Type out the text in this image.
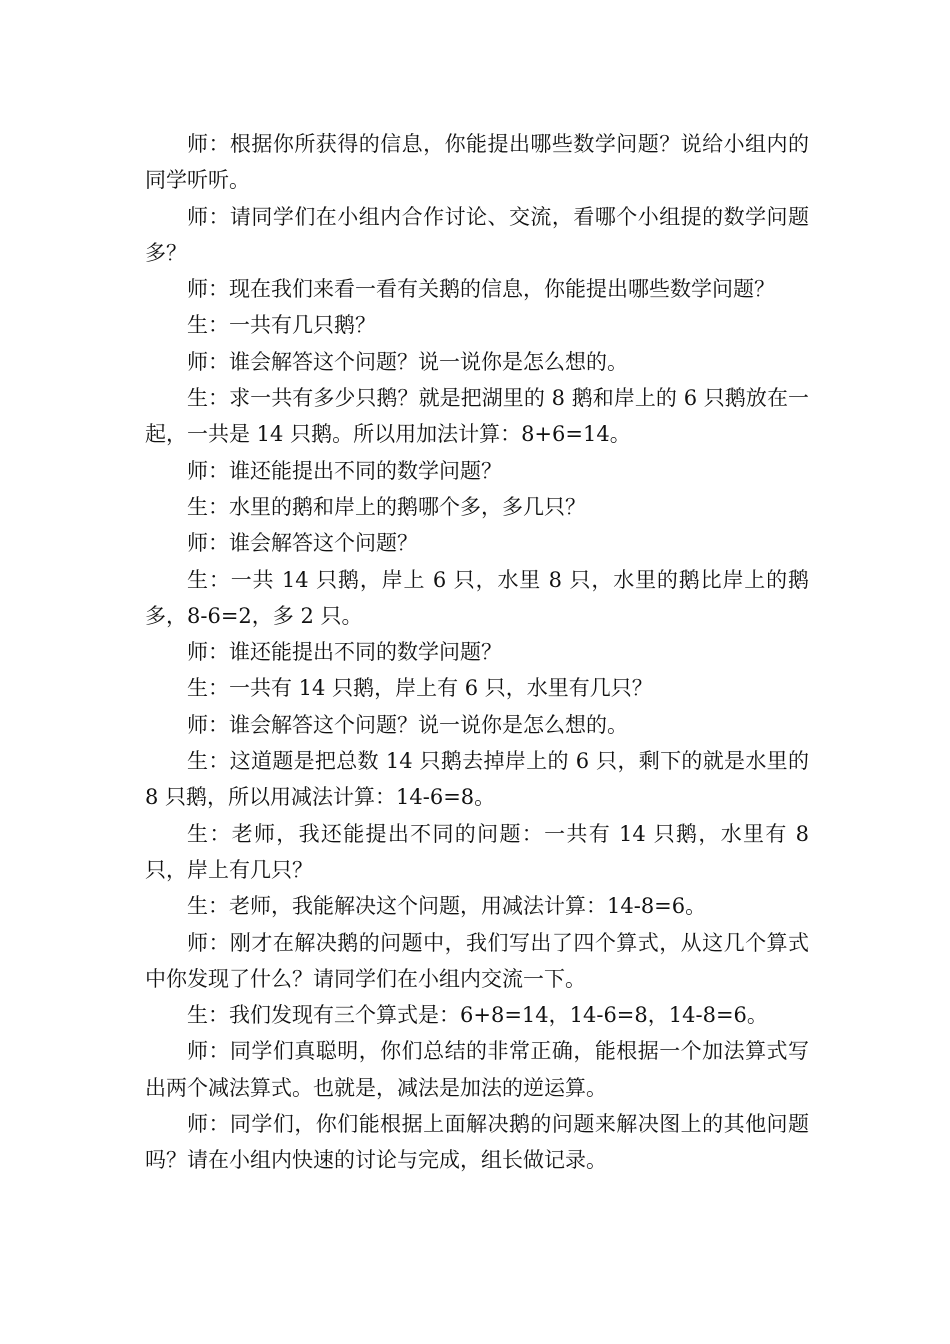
师：根据你所获得的信息，你能提出哪些数学问题？说给小组内的同学听听。

师：请同学们在小组内合作讨论、交流，看哪个小组提的数学问题多？

师：现在我们来看一看有关鹅的信息，你能提出哪些数学问题？

生：一共有几只鹅？

师：谁会解答这个问题？说一说你是怎么想的。

生：求一共有多少只鹅？就是把湖里的 8 鹅和岸上的 6 只鹅放在一起，一共是 14 只鹅。所以用加法计算：8+6=14。

师：谁还能提出不同的数学问题？

生：水里的鹅和岸上的鹅哪个多，多几只？

师：谁会解答这个问题？

生：一共 14 只鹅，岸上 6 只，水里 8 只，水里的鹅比岸上的鹅多，8-6=2，多 2 只。

师：谁还能提出不同的数学问题？

生：一共有 14 只鹅，岸上有 6 只，水里有几只？

师：谁会解答这个问题？说一说你是怎么想的。

生：这道题是把总数 14 只鹅去掉岸上的 6 只，剩下的就是水里的 8 只鹅，所以用减法计算：14-6=8。

生：老师，我还能提出不同的问题：一共有 14 只鹅，水里有 8 只，岸上有几只？

生：老师，我能解决这个问题，用减法计算：14-8=6。

师：刚才在解决鹅的问题中，我们写出了四个算式，从这几个算式中你发现了什么？请同学们在小组内交流一下。

生：我们发现有三个算式是：6+8=14，14-6=8，14-8=6。

师：同学们真聪明，你们总结的非常正确，能根据一个加法算式写出两个减法算式。也就是，减法是加法的逆运算。

师：同学们，你们能根据上面解决鹅的问题来解决图上的其他问题吗？请在小组内快速的讨论与完成，组长做记录。
